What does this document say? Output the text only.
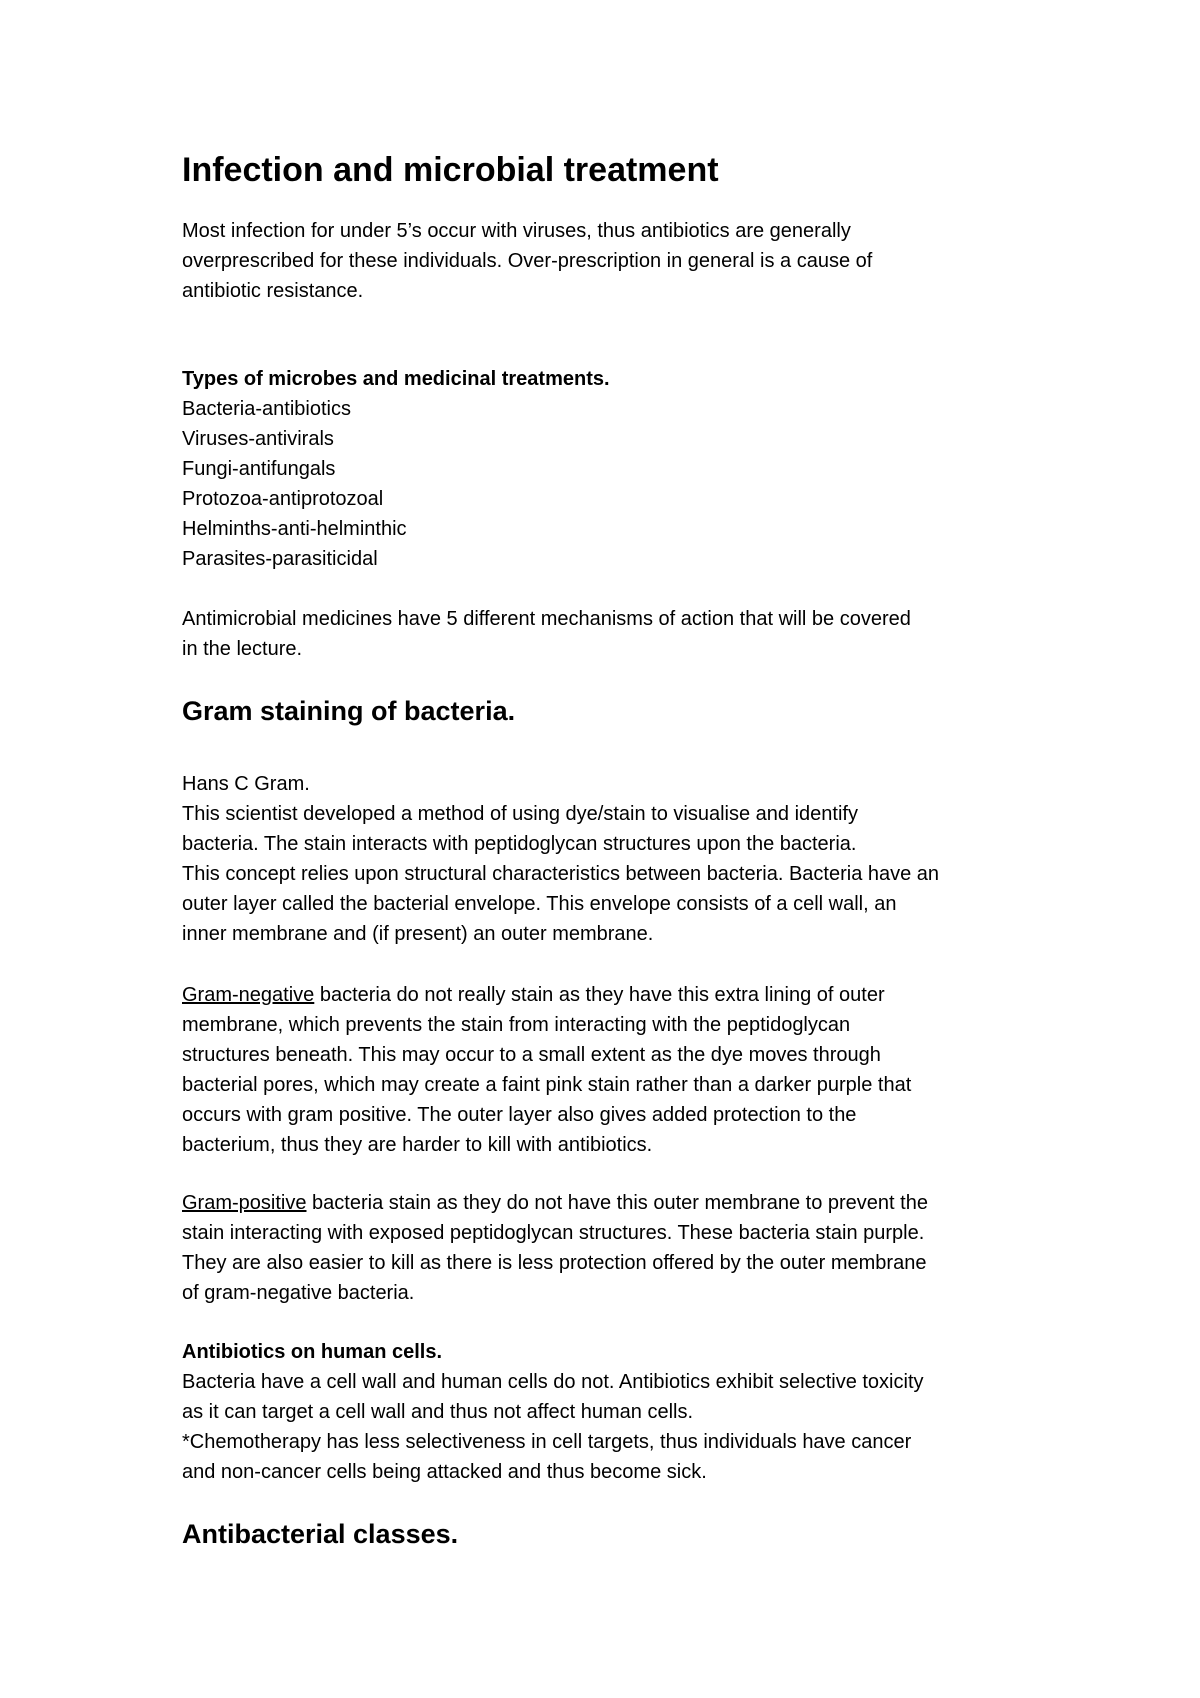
Infection and microbial treatment
Most infection for under 5’s occur with viruses, thus antibiotics are generally
overprescribed for these individuals. Over-prescription in general is a cause of
antibiotic resistance.
Types of microbes and medicinal treatments.
Bacteria-antibiotics
Viruses-antivirals
Fungi-antifungals
Protozoa-antiprotozoal
Helminths-anti-helminthic
Parasites-parasiticidal
Antimicrobial medicines have 5 different mechanisms of action that will be covered
in the lecture.
Gram staining of bacteria.
Hans C Gram.
This scientist developed a method of using dye/stain to visualise and identify
bacteria. The stain interacts with peptidoglycan structures upon the bacteria.
This concept relies upon structural characteristics between bacteria. Bacteria have an
outer layer called the bacterial envelope. This envelope consists of a cell wall, an
inner membrane and (if present) an outer membrane.
Gram-negative bacteria do not really stain as they have this extra lining of outer
membrane, which prevents the stain from interacting with the peptidoglycan
structures beneath. This may occur to a small extent as the dye moves through
bacterial pores, which may create a faint pink stain rather than a darker purple that
occurs with gram positive. The outer layer also gives added protection to the
bacterium, thus they are harder to kill with antibiotics.
Gram-positive bacteria stain as they do not have this outer membrane to prevent the
stain interacting with exposed peptidoglycan structures. These bacteria stain purple.
They are also easier to kill as there is less protection offered by the outer membrane
of gram-negative bacteria.
Antibiotics on human cells.
Bacteria have a cell wall and human cells do not. Antibiotics exhibit selective toxicity
as it can target a cell wall and thus not affect human cells.
*Chemotherapy has less selectiveness in cell targets, thus individuals have cancer
and non-cancer cells being attacked and thus become sick.
Antibacterial classes.
